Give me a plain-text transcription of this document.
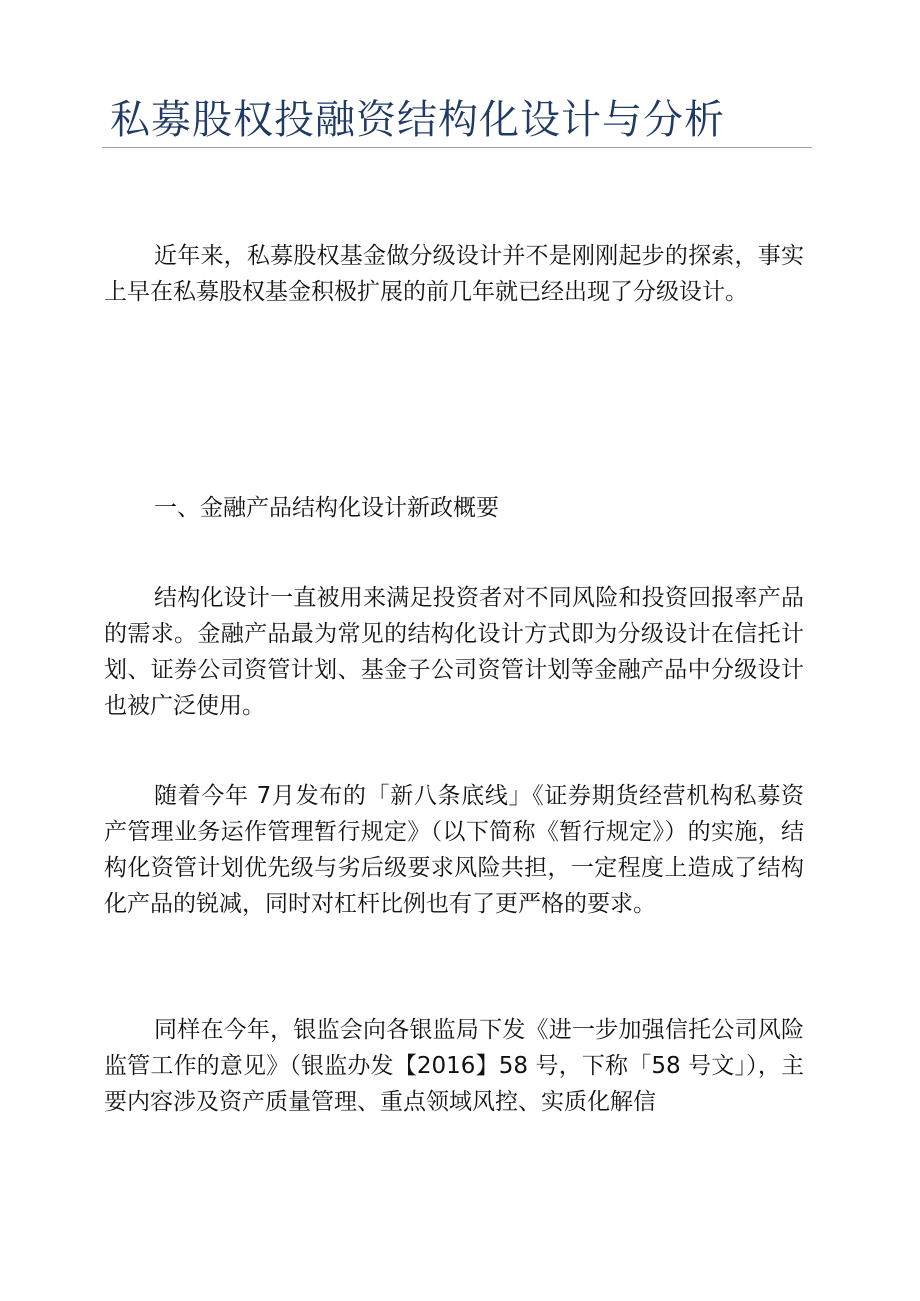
私募股权投融资结构化设计与分析

近年来，私募股权基金做分级设计并不是刚刚起步的探索，事实上早在私募股权基金积极扩展的前几年就已经出现了分级设计。

一、金融产品结构化设计新政概要

结构化设计一直被用来满足投资者对不同风险和投资回报率产品的需求。金融产品最为常见的结构化设计方式即为分级设计在信托计划、证券公司资管计划、基金子公司资管计划等金融产品中分级设计也被广泛使用。

随着今年 7月发布的「新八条底线」《证券期货经营机构私募资产管理业务运作管理暂行规定》（以下简称《暂行规定》）的实施，结构化资管计划优先级与劣后级要求风险共担，一定程度上造成了结构化产品的锐减，同时对杠杆比例也有了更严格的要求。

同样在今年，银监会向各银监局下发《进一步加强信托公司风险监管工作的意见》（银监办发【2016】58 号，下称「58 号文」），主要内容涉及资产质量管理、重点领域风控、实质化解信
